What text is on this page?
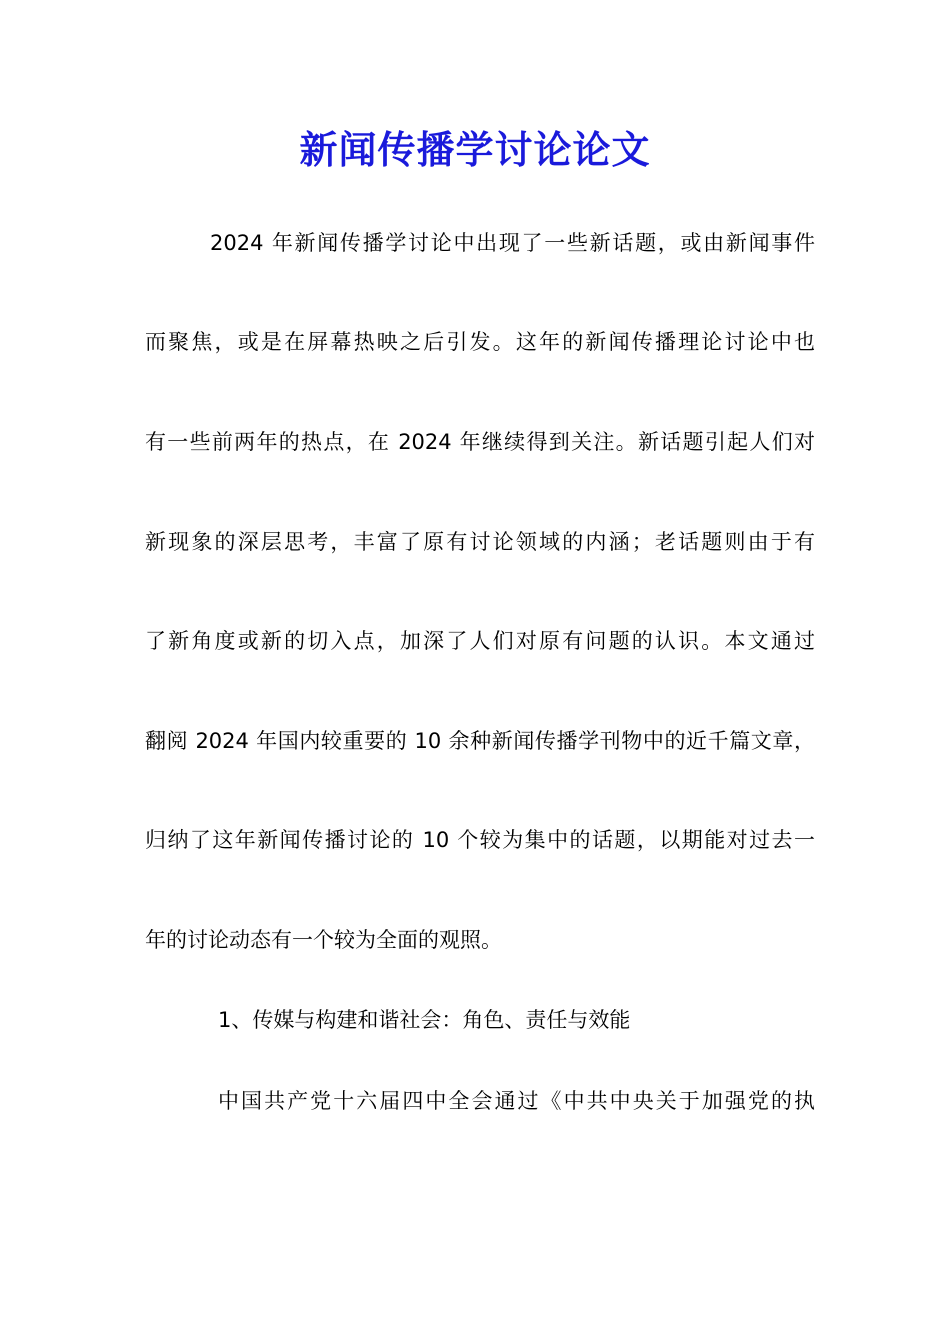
新闻传播学讨论论文
2024 年新闻传播学讨论中出现了一些新话题，或由新闻事件
而聚焦，或是在屏幕热映之后引发。这年的新闻传播理论讨论中也
有一些前两年的热点，在 2024 年继续得到关注。新话题引起人们对
新现象的深层思考，丰富了原有讨论领域的内涵；老话题则由于有
了新角度或新的切入点，加深了人们对原有问题的认识。本文通过
翻阅 2024 年国内较重要的 10 余种新闻传播学刊物中的近千篇文章，
归纳了这年新闻传播讨论的 10 个较为集中的话题，以期能对过去一
年的讨论动态有一个较为全面的观照。
1、传媒与构建和谐社会：角色、责任与效能
中国共产党十六届四中全会通过《中共中央关于加强党的执
